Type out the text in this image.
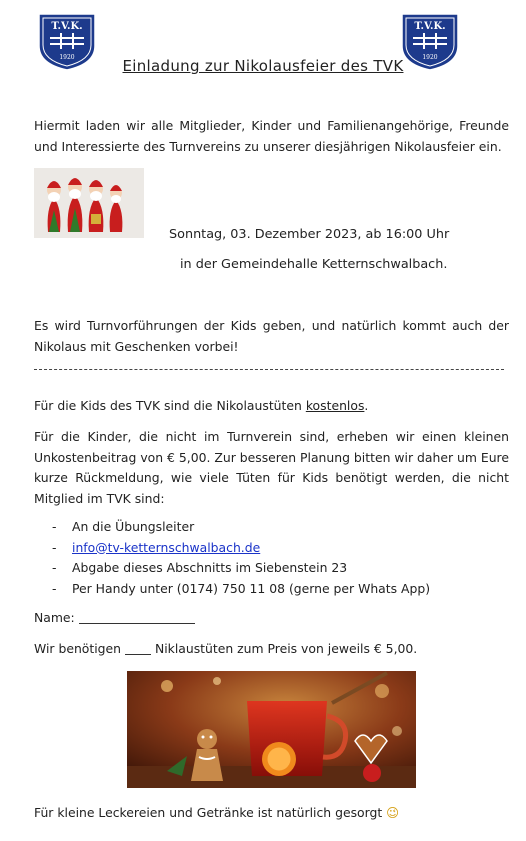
T.V.K.
1920
T.V.K.
1920
Einladung zur Nikolausfeier des TVK
Hiermit laden wir alle Mitglieder, Kinder und Familienangehörige, Freunde und Interessierte des Turnvereins zu unserer diesjährigen Nikolausfeier ein.
Sonntag, 03. Dezember 2023, ab 16:00 Uhr
in der Gemeindehalle Ketternschwalbach.
Es wird Turnvorführungen der Kids geben, und natürlich kommt auch der Nikolaus mit Geschenken vorbei!
Für die Kids des TVK sind die Nikolaustüten kostenlos.
Für die Kinder, die nicht im Turnverein sind, erheben wir einen kleinen Unkostenbeitrag von € 5,00. Zur besseren Planung bitten wir daher um Eure kurze Rückmeldung, wie viele Tüten für Kids benötigt werden, die nicht Mitglied im TVK sind:
- An die Übungsleiter
- info@tv-ketternschwalbach.de
- Abgabe dieses Abschnitts im Siebenstein 23
- Per Handy unter (0174) 750 11 08 (gerne per Whats App)
Name:
Wir benötigen	Niklaustüten zum Preis von jeweils € 5,00.
Für kleine Leckereien und Getränke ist natürlich gesorgt 😉
